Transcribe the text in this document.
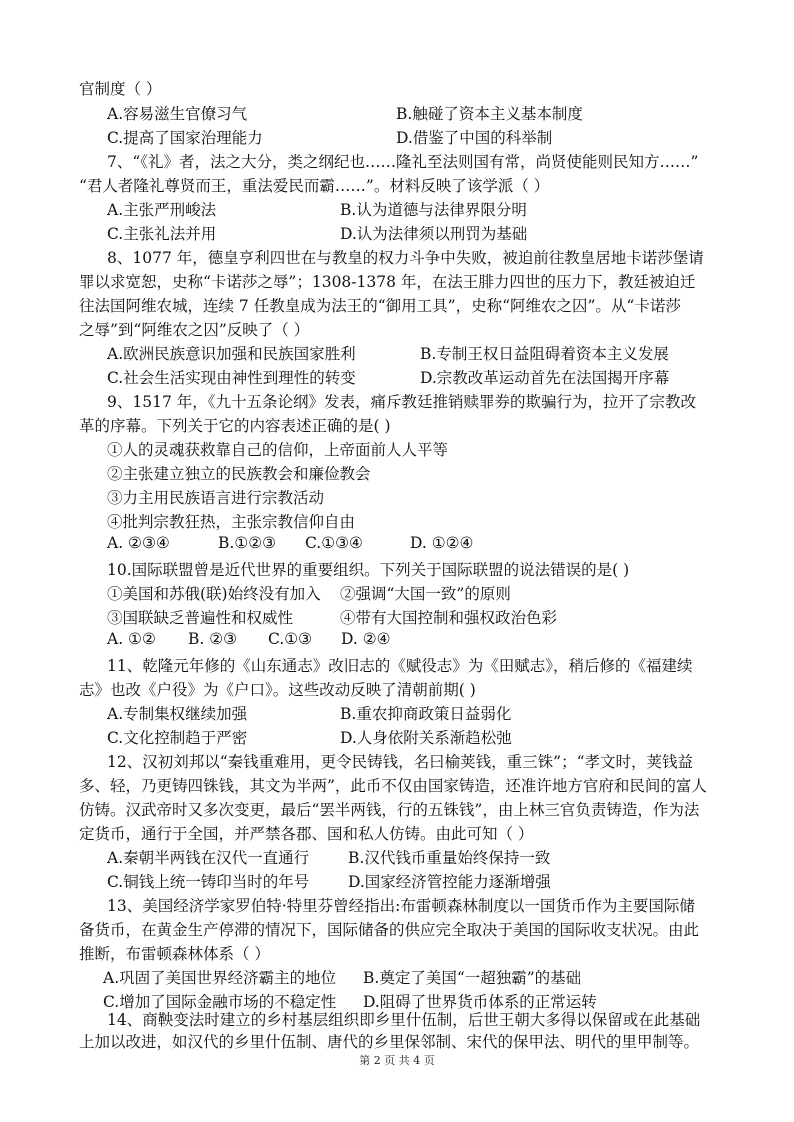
官制度（ ）
A.容易滋生官僚习气	B.触碰了资本主义基本制度
C.提高了国家治理能力	D.借鉴了中国的科举制
7、“《礼》者，法之大分，类之纲纪也……隆礼至法则国有常，尚贤使能则民知方……”
“君人者隆礼尊贤而王，重法爱民而霸……”。材料反映了该学派（ ）
A.主张严刑峻法	B.认为道德与法律界限分明
C.主张礼法并用	D.认为法律须以刑罚为基础
8、1077 年，德皇亨利四世在与教皇的权力斗争中失败，被迫前往教皇居地卡诺莎堡请
罪以求宽恕，史称“卡诺莎之辱”；1308-1378 年，在法王腓力四世的压力下，教廷被迫迁
往法国阿维农城，连续 7 任教皇成为法王的“御用工具”，史称“阿维农之囚”。从“卡诺莎
之辱”到“阿维农之囚”反映了（ ）
A.欧洲民族意识加强和民族国家胜利	B.专制王权日益阻碍着资本主义发展
C.社会生活实现由神性到理性的转变	D.宗教改革运动首先在法国揭开序幕
9、1517 年，《九十五条论纲》发表，痛斥教廷推销赎罪券的欺骗行为，拉开了宗教改
革的序幕。下列关于它的内容表述正确的是( )
①人的灵魂获救靠自己的信仰，上帝面前人人平等
②主张建立独立的民族教会和廉俭教会
③力主用民族语言进行宗教活动
④批判宗教狂热，主张宗教信仰自由
A. ②③④	B.①②③ C.①③④	D. ①②④
10.国际联盟曾是近代世界的重要组织。下列关于国际联盟的说法错误的是( )
①美国和苏俄(联)始终没有加入 ②强调“大国一致”的原则
③国联缺乏普遍性和权威性	④带有大国控制和强权政治色彩
A. ①② B. ②③ C.①③ D. ②④
11、乾隆元年修的《山东通志》改旧志的《赋役志》为《田赋志》，稍后修的《福建续
志》也改《户役》为《户口》。这些改动反映了清朝前期( )
A.专制集权继续加强	B.重农抑商政策日益弱化
C.文化控制趋于严密	D.人身依附关系渐趋松弛
12、汉初刘邦以“秦钱重难用，更令民铸钱，名曰榆荚钱，重三铢”；“孝文时，荚钱益
多、轻，乃更铸四铢钱，其文为半两”，此币不仅由国家铸造，还准许地方官府和民间的富人
仿铸。汉武帝时又多次变更，最后“罢半两钱，行的五铢钱”，由上林三官负责铸造，作为法
定货币，通行于全国，并严禁各郡、国和私人仿铸。由此可知（ ）
A.秦朝半两钱在汉代一直通行	B.汉代钱币重量始终保持一致
C.铜钱上统一铸印当时的年号	D.国家经济管控能力逐渐增强
13、美国经济学家罗伯特·特里芬曾经指出:布雷顿森林制度以一国货币作为主要国际储
备货币，在黄金生产停滞的情况下，国际储备的供应完全取决于美国的国际收支状况。由此
推断，布雷顿森林体系（ ）
A.巩固了美国世界经济霸主的地位 B.奠定了美国“一超独霸”的基础
C.增加了国际金融市场的不稳定性 D.阻碍了世界货币体系的正常运转
14、商鞅变法时建立的乡村基层组织即乡里什伍制，后世王朝大多得以保留或在此基础
上加以改进，如汉代的乡里什伍制、唐代的乡里保邻制、宋代的保甲法、明代的里甲制等。
第 2 页 共 4 页
